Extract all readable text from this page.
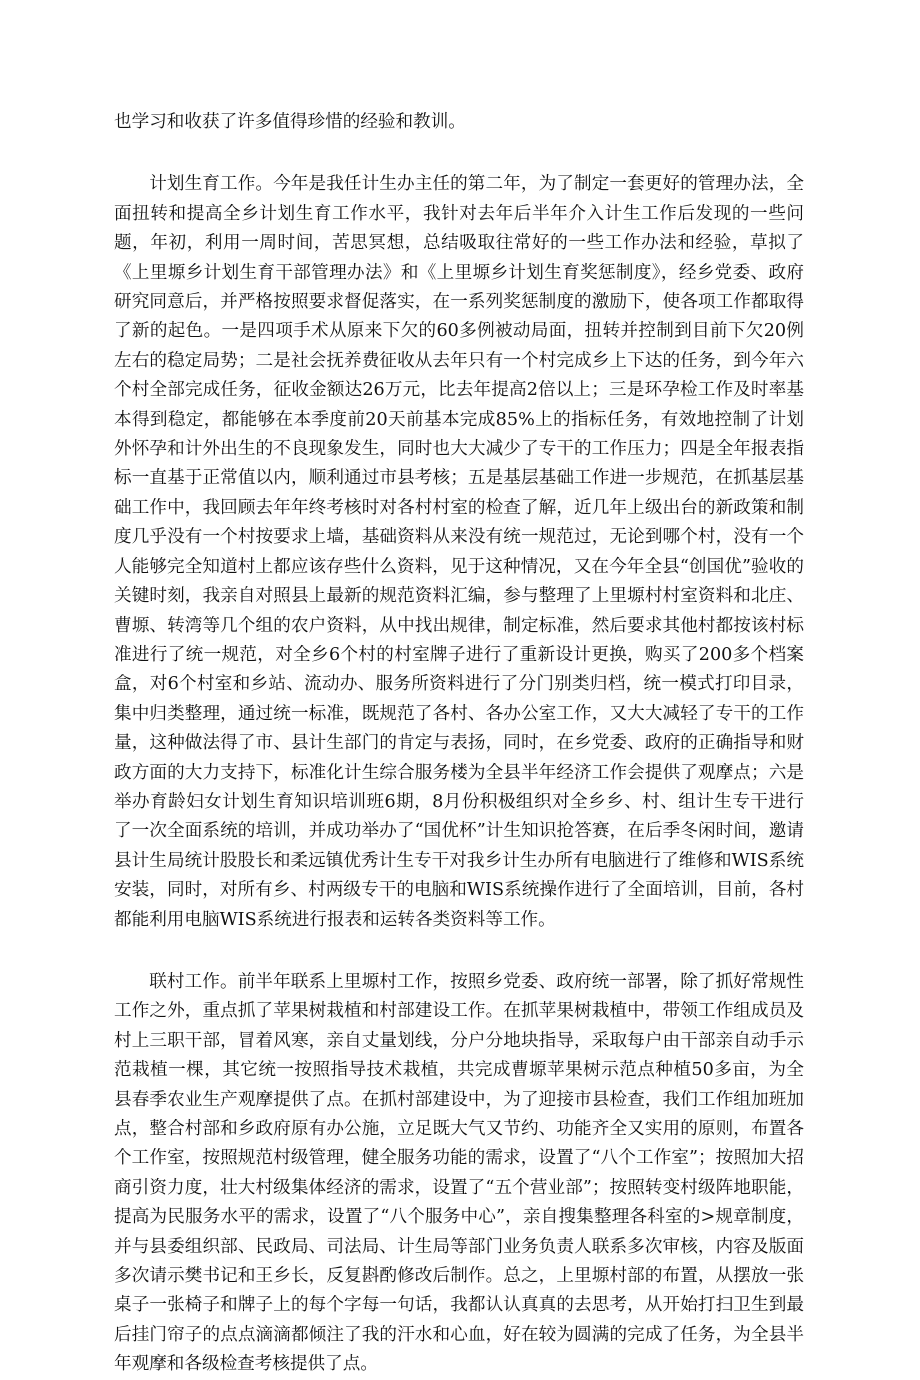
也学习和收获了许多值得珍惜的经验和教训。

计划生育工作。今年是我任计生办主任的第二年，为了制定一套更好的管理办法，全面扭转和提高全乡计划生育工作水平，我针对去年后半年介入计生工作后发现的一些问题，年初，利用一周时间，苦思冥想，总结吸取往常好的一些工作办法和经验，草拟了《上里塬乡计划生育干部管理办法》和《上里塬乡计划生育奖惩制度》，经乡党委、政府研究同意后，并严格按照要求督促落实，在一系列奖惩制度的激励下，使各项工作都取得了新的起色。一是四项手术从原来下欠的60多例被动局面，扭转并控制到目前下欠20例左右的稳定局势；二是社会抚养费征收从去年只有一个村完成乡上下达的任务，到今年六个村全部完成任务，征收金额达26万元，比去年提高2倍以上；三是环孕检工作及时率基本得到稳定，都能够在本季度前20天前基本完成85%上的指标任务，有效地控制了计划外怀孕和计外出生的不良现象发生，同时也大大减少了专干的工作压力；四是全年报表指标一直基于正常值以内，顺利通过市县考核；五是基层基础工作进一步规范，在抓基层基础工作中，我回顾去年年终考核时对各村村室的检查了解，近几年上级出台的新政策和制度几乎没有一个村按要求上墙，基础资料从来没有统一规范过，无论到哪个村，没有一个人能够完全知道村上都应该存些什么资料，见于这种情况，又在今年全县“创国优”验收的关键时刻，我亲自对照县上最新的规范资料汇编，参与整理了上里塬村村室资料和北庄、曹塬、转湾等几个组的农户资料，从中找出规律，制定标准，然后要求其他村都按该村标准进行了统一规范，对全乡6个村的村室牌子进行了重新设计更换，购买了200多个档案盒，对6个村室和乡站、流动办、服务所资料进行了分门别类归档，统一模式打印目录，集中归类整理，通过统一标准，既规范了各村、各办公室工作，又大大减轻了专干的工作量，这种做法得了市、县计生部门的肯定与表扬，同时，在乡党委、政府的正确指导和财政方面的大力支持下，标准化计生综合服务楼为全县半年经济工作会提供了观摩点；六是举办育龄妇女计划生育知识培训班6期，8月份积极组织对全乡乡、村、组计生专干进行了一次全面系统的培训，并成功举办了“国优杯”计生知识抢答赛，在后季冬闲时间，邀请县计生局统计股股长和柔远镇优秀计生专干对我乡计生办所有电脑进行了维修和WIS系统安装，同时，对所有乡、村两级专干的电脑和WIS系统操作进行了全面培训，目前，各村都能利用电脑WIS系统进行报表和运转各类资料等工作。

联村工作。前半年联系上里塬村工作，按照乡党委、政府统一部署，除了抓好常规性工作之外，重点抓了苹果树栽植和村部建设工作。在抓苹果树栽植中，带领工作组成员及村上三职干部，冒着风寒，亲自丈量划线，分户分地块指导，采取每户由干部亲自动手示范栽植一棵，其它统一按照指导技术栽植，共完成曹塬苹果树示范点种植50多亩，为全县春季农业生产观摩提供了点。在抓村部建设中，为了迎接市县检查，我们工作组加班加点，整合村部和乡政府原有办公施，立足既大气又节约、功能齐全又实用的原则，布置各个工作室，按照规范村级管理，健全服务功能的需求，设置了“八个工作室”；按照加大招商引资力度，壮大村级集体经济的需求，设置了“五个营业部”；按照转变村级阵地职能，提高为民服务水平的需求，设置了“八个服务中心”，亲自搜集整理各科室的>规章制度，并与县委组织部、民政局、司法局、计生局等部门业务负责人联系多次审核，内容及版面多次请示樊书记和王乡长，反复斟酌修改后制作。总之，上里塬村部的布置，从摆放一张桌子一张椅子和牌子上的每个字每一句话，我都认认真真的去思考，从开始打扫卫生到最后挂门帘子的点点滴滴都倾注了我的汗水和心血，好在较为圆满的完成了任务，为全县半年观摩和各级检查考核提供了点。
